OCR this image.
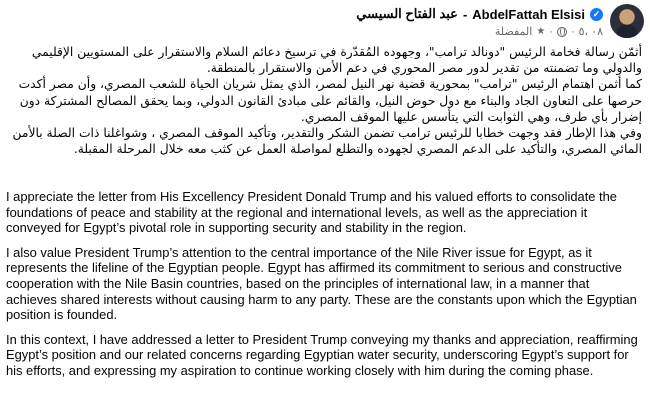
عبد الفتاح السيسي - AbdelFattah Elsisi ✓
٠٨ ،٥
·
·
★
المفضلة

أثمّن رسالة فخامة الرئيس "دونالد ترامب"، وجهوده المُقدّرة في ترسيخ دعائم السلام والاستقرار على المستويين الإقليمي والدولي وما تضمنته من تقدير لدور مصر المحوري في دعم الأمن والاستقرار بالمنطقة.

كما أثمن اهتمام الرئيس "ترامب" بمحورية قضية نهر النيل لمصر، الذي يمثل شريان الحياة للشعب المصري، وأن مصر أكدت حرصها على التعاون الجاد والبناء مع دول حوض النيل، والقائم على مبادئ القانون الدولي، وبما يحقق المصالح المشتركة دون إضرار بأي طرف، وهي الثوابت التي يتأسس عليها الموقف المصري.

وفي هذا الإطار فقد وجهت خطابا للرئيس ترامب تضمن الشكر والتقدير، وتأكيد الموقف المصري ، وشواغلنا ذات الصلة بالأمن المائي المصري، والتأكيد على الدعم المصري لجهوده والتطلع لمواصلة العمل عن كثب معه خلال المرحلة المقبلة.

I appreciate the letter from His Excellency President Donald Trump and his valued efforts to consolidate the foundations of peace and stability at the regional and international levels, as well as the appreciation it conveyed for Egypt’s pivotal role in supporting security and stability in the region.

I also value President Trump’s attention to the central importance of the Nile River issue for Egypt, as it represents the lifeline of the Egyptian people. Egypt has affirmed its commitment to serious and constructive cooperation with the Nile Basin countries, based on the principles of international law, in a manner that achieves shared interests without causing harm to any party. These are the constants upon which the Egyptian position is founded.

In this context, I have addressed a letter to President Trump conveying my thanks and appreciation, reaffirming Egypt’s position and our related concerns regarding Egyptian water security, underscoring Egypt’s support for his efforts, and expressing my aspiration to continue working closely with him during the coming phase.
